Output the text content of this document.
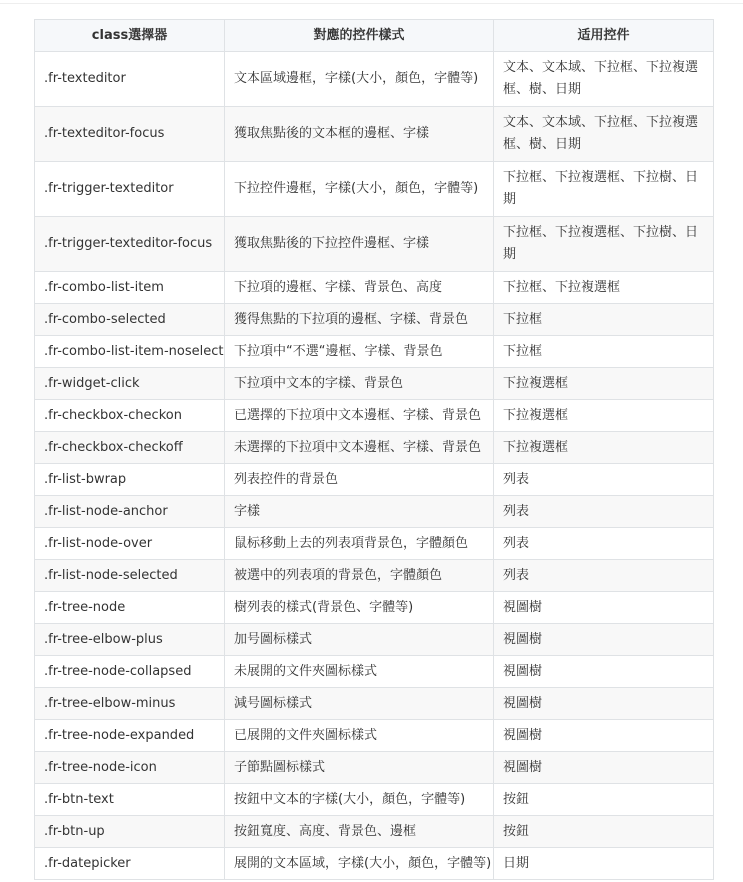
class選擇器	對應的控件樣式	适用控件
.fr-texteditor	文本區域邊框，字樣(大小，顏色，字體等)	文本、文本域、下拉框、下拉複選框、樹、日期
.fr-texteditor-focus	獲取焦點後的文本框的邊框、字樣	文本、文本域、下拉框、下拉複選框、樹、日期
.fr-trigger-texteditor	下拉控件邊框，字樣(大小，顏色，字體等)	下拉框、下拉複選框、下拉樹、日期
.fr-trigger-texteditor-focus	獲取焦點後的下拉控件邊框、字樣	下拉框、下拉複選框、下拉樹、日期
.fr-combo-list-item	下拉項的邊框、字樣、背景色、高度	下拉框、下拉複選框
.fr-combo-selected	獲得焦點的下拉項的邊框、字樣、背景色	下拉框
.fr-combo-list-item-noselect	下拉項中“不選“邊框、字樣、背景色	下拉框
.fr-widget-click	下拉項中文本的字樣、背景色	下拉複選框
.fr-checkbox-checkon	已選擇的下拉項中文本邊框、字樣、背景色	下拉複選框
.fr-checkbox-checkoff	未選擇的下拉項中文本邊框、字樣、背景色	下拉複選框
.fr-list-bwrap	列表控件的背景色	列表
.fr-list-node-anchor	字樣	列表
.fr-list-node-over	鼠标移動上去的列表項背景色，字體顏色	列表
.fr-list-node-selected	被選中的列表項的背景色，字體顏色	列表
.fr-tree-node	樹列表的樣式(背景色、字體等)	視圖樹
.fr-tree-elbow-plus	加号圖标樣式	視圖樹
.fr-tree-node-collapsed	未展開的文件夾圖标樣式	視圖樹
.fr-tree-elbow-minus	減号圖标樣式	視圖樹
.fr-tree-node-expanded	已展開的文件夾圖标樣式	視圖樹
.fr-tree-node-icon	子節點圖标樣式	視圖樹
.fr-btn-text	按鈕中文本的字樣(大小，顏色，字體等)	按鈕
.fr-btn-up	按鈕寬度、高度、背景色、邊框	按鈕
.fr-datepicker	展開的文本區域，字樣(大小，顏色，字體等)	日期
